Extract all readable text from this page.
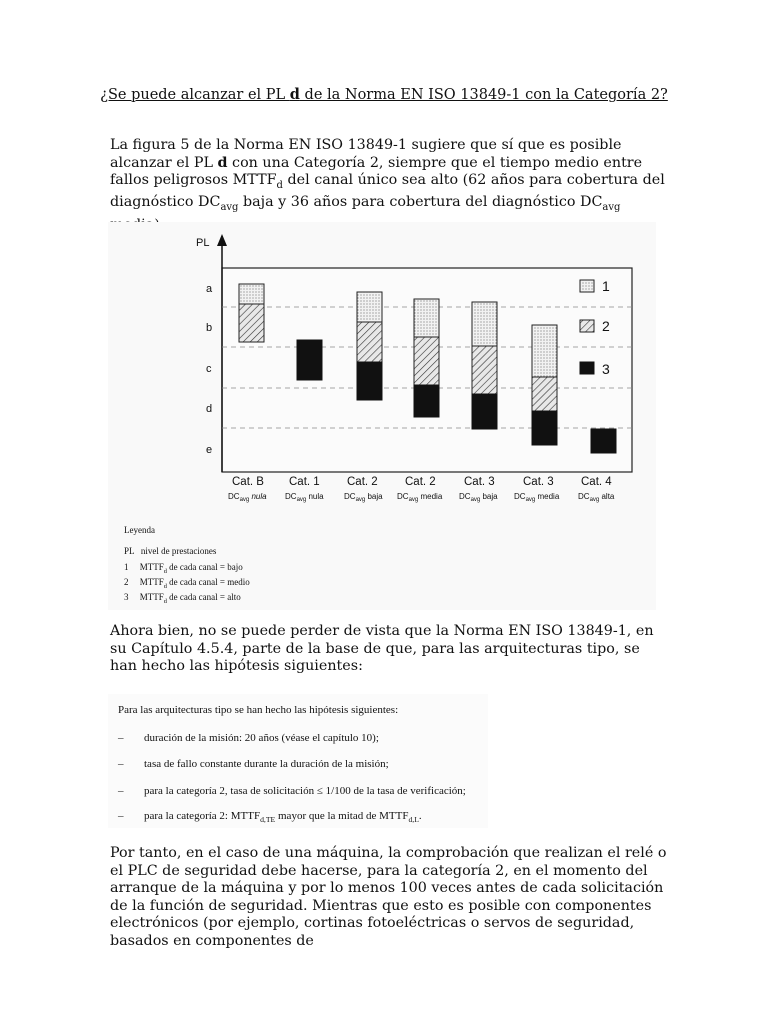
¿Se puede alcanzar el PL d de la Norma EN ISO 13849-1 con la Categoría 2?
La figura 5 de la Norma EN ISO 13849-1 sugiere que sí que es posible alcanzar el PL d con una Categoría 2, siempre que el tiempo medio entre fallos peligrosos $MTTF_d$ del canal único sea alto (62 años para cobertura del diagnóstico $DC_{avg}$ baja y 36 años para cobertura del diagnóstico $DC_{avg}$
PL
a
b
c
d
e
1
2
3
Cat. B Cat. 1 Cat. 2 Cat. 2 Cat. 3 Cat. 3 Cat. 4
$DC_{avg}$ nula $DC_{avg}$ nula	$DC_{avg}$ baja $DC_{avg}$ media $DC_{avg}$ baja $DC_{avg}$ media $DC_{avg}$ alta
Leyenda
PL   nivel de prestaciones
1     $MTTF_d$ de cada canal = bajo
2     $MTTF_d$ de cada canal = medio
3     $MTTF_d$ de cada canal = alto
Ahora bien, no se puede perder de vista que la Norma EN ISO 13849-1, en su Capítulo 4.5.4, parte de la base de que, para las arquitecturas tipo, se han hecho las hipótesis siguientes:
Para las arquitecturas tipo se han hecho las hipótesis siguientes:
– duración de la misión: 20 años (véase el capítulo 10);
– tasa de fallo constante durante la duración de la misión;
– para la categoría 2, tasa de solicitación ≤ 1/100 de la tasa de verificación;
– para la categoría 2: $MTTF_{d,TE}$ mayor que la mitad de $MTTF_{d,L}$.
Por tanto, en el caso de una máquina, la comprobación que realizan el relé o el PLC de seguridad debe hacerse, para la categoría 2, en el momento del arranque de la máquina y por lo menos 100 veces antes de cada solicitación de la función de seguridad. Mientras que esto es posible con componentes electrónicos (por ejemplo, cortinas fotoeléctricas o servos de seguridad, basados en componentes de
